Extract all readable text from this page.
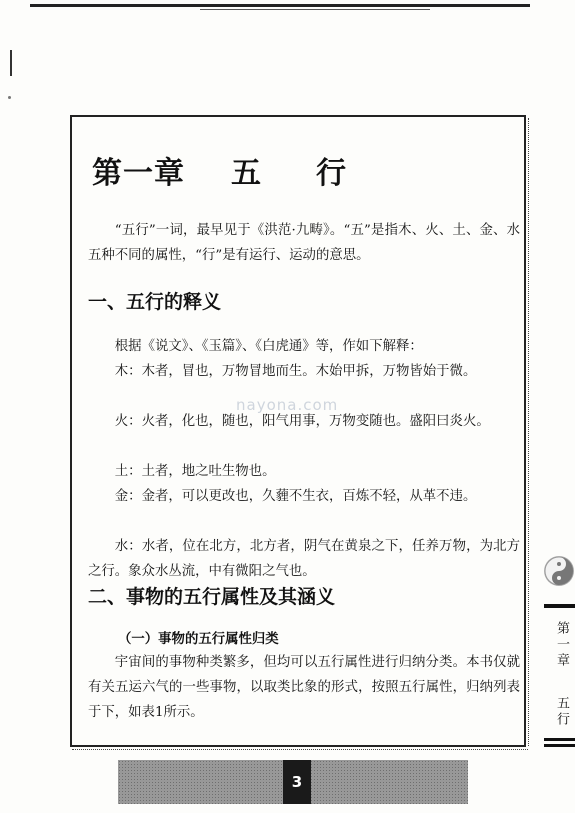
第一章 五 行

“五行”一词，最早见于《洪范·九畴》。“五”是指木、火、土、金、水五种不同的属性，“行”是有运行、运动的意思。

一、五行的释义

根据《说文》、《玉篇》、《白虎通》等，作如下解释：

木：木者，冒也，万物冒地而生。木始甲拆，万物皆始于微。

火：火者，化也，随也，阳气用事，万物变随也。盛阳曰炎火。

土：土者，地之吐生物也。

金：金者，可以更改也，久薶不生衣，百炼不轻，从革不违。

水：水者，位在北方，北方者，阴气在黄泉之下，任养万物，为北方之行。象众水丛流，中有微阳之气也。

nayona.com
二、事物的五行属性及其涵义
（一）事物的五行属性归类

宇宙间的事物种类繁多，但均可以五行属性进行归纳分类。本书仅就有关五运六气的一些事物，以取类比象的形式，按照五行属性，归纳列表于下，如表1所示。

3
第一章
五行
